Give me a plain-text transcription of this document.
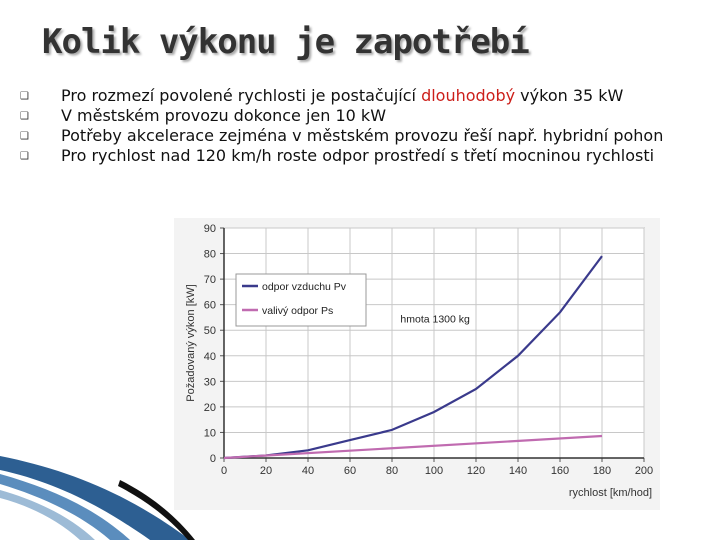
Kolik výkonu je zapotřebí
❑ Pro rozmezí povolené rychlosti je postačující dlouhodobý výkon 35 kW
❑ V městském provozu dokonce jen 10 kW
❑ Potřeby akcelerace zejména v městském provozu řeší např. hybridní pohon
❑ Pro rychlost nad 120 km/h roste odpor prostředí s třetí mocninou rychlosti
0
10
20
30
40
50
60
70
80
90
0	20	40	60	80 100 120 140 160 180 200
Požadovaný výkon [kW]
rychlost [km/hod]
odpor vzduchu Pv
valivý odpor Ps
hmota 1300 kg
